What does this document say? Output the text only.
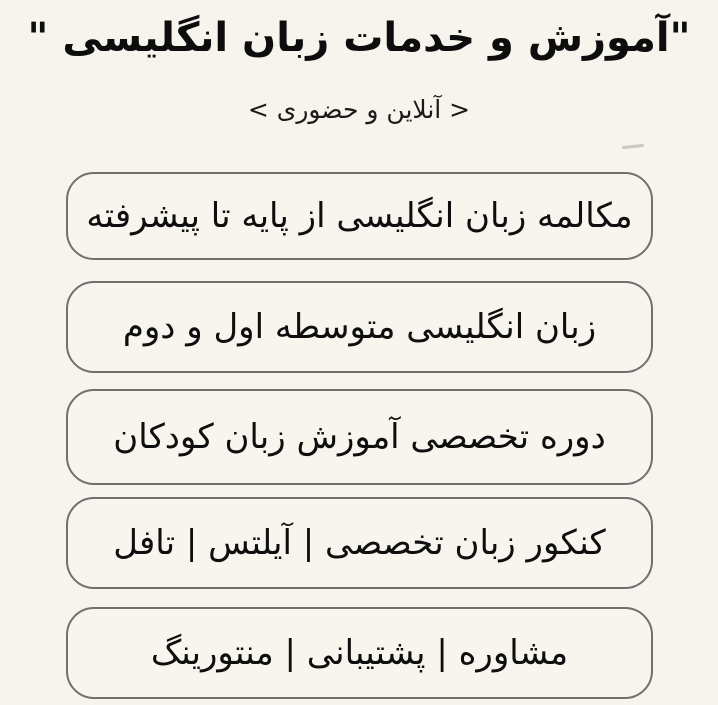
"آموزش و خدمات زبان انگلیسی "
< آنلاین و حضوری >
مکالمه زبان انگلیسی از پایه تا پیشرفته
زبان انگلیسی متوسطه اول و دوم
دوره تخصصی آموزش زبان کودکان
کنکور زبان تخصصی | آیلتس | تافل
مشاوره | پشتیبانی | منتورینگ
